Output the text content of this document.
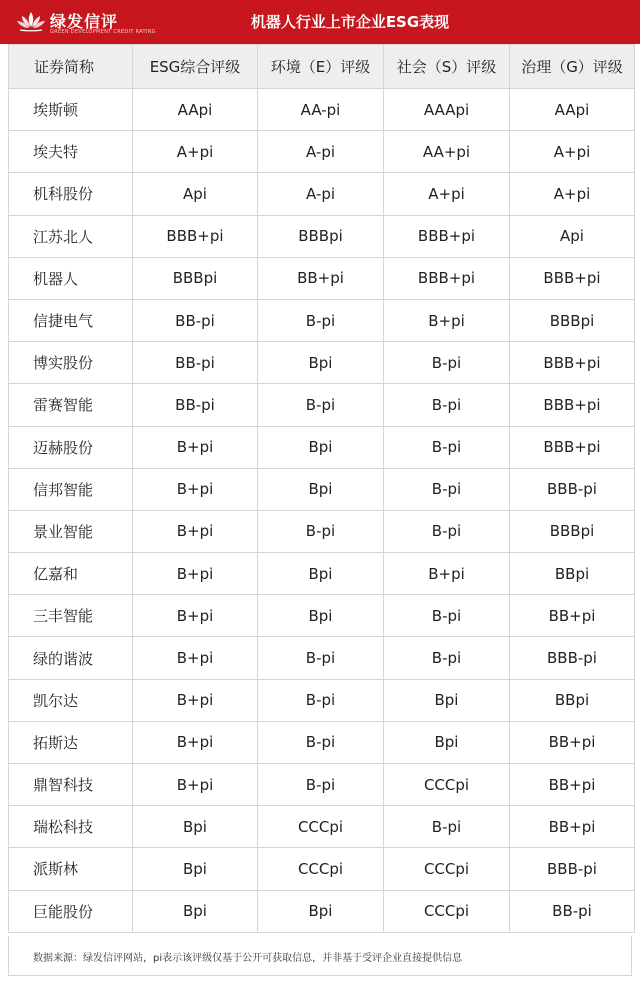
绿发信评
GREEN DEVELOPMENT CREDIT RATING
机器人行业上市企业ESG表现
证券简称	ESG综合评级	环境（E）评级	社会（S）评级	治理（G）评级
埃斯顿	AApi	AA-pi	AAApi	AApi
埃夫特	A+pi	A-pi	AA+pi	A+pi
机科股份	Api	A-pi	A+pi	A+pi
江苏北人	BBB+pi	BBBpi	BBB+pi	Api
机器人	BBBpi	BB+pi	BBB+pi	BBB+pi
信捷电气	BB-pi	B-pi	B+pi	BBBpi
博实股份	BB-pi	Bpi	B-pi	BBB+pi
雷赛智能	BB-pi	B-pi	B-pi	BBB+pi
迈赫股份	B+pi	Bpi	B-pi	BBB+pi
信邦智能	B+pi	Bpi	B-pi	BBB-pi
景业智能	B+pi	B-pi	B-pi	BBBpi
亿嘉和	B+pi	Bpi	B+pi	BBpi
三丰智能	B+pi	Bpi	B-pi	BB+pi
绿的谐波	B+pi	B-pi	B-pi	BBB-pi
凯尔达	B+pi	B-pi	Bpi	BBpi
拓斯达	B+pi	B-pi	Bpi	BB+pi
鼎智科技	B+pi	B-pi	CCCpi	BB+pi
瑞松科技	Bpi	CCCpi	B-pi	BB+pi
派斯林	Bpi	CCCpi	CCCpi	BBB-pi
巨能股份	Bpi	Bpi	CCCpi	BB-pi
数据来源：绿发信评网站，pi表示该评级仅基于公开可获取信息，并非基于受评企业直接提供信息
